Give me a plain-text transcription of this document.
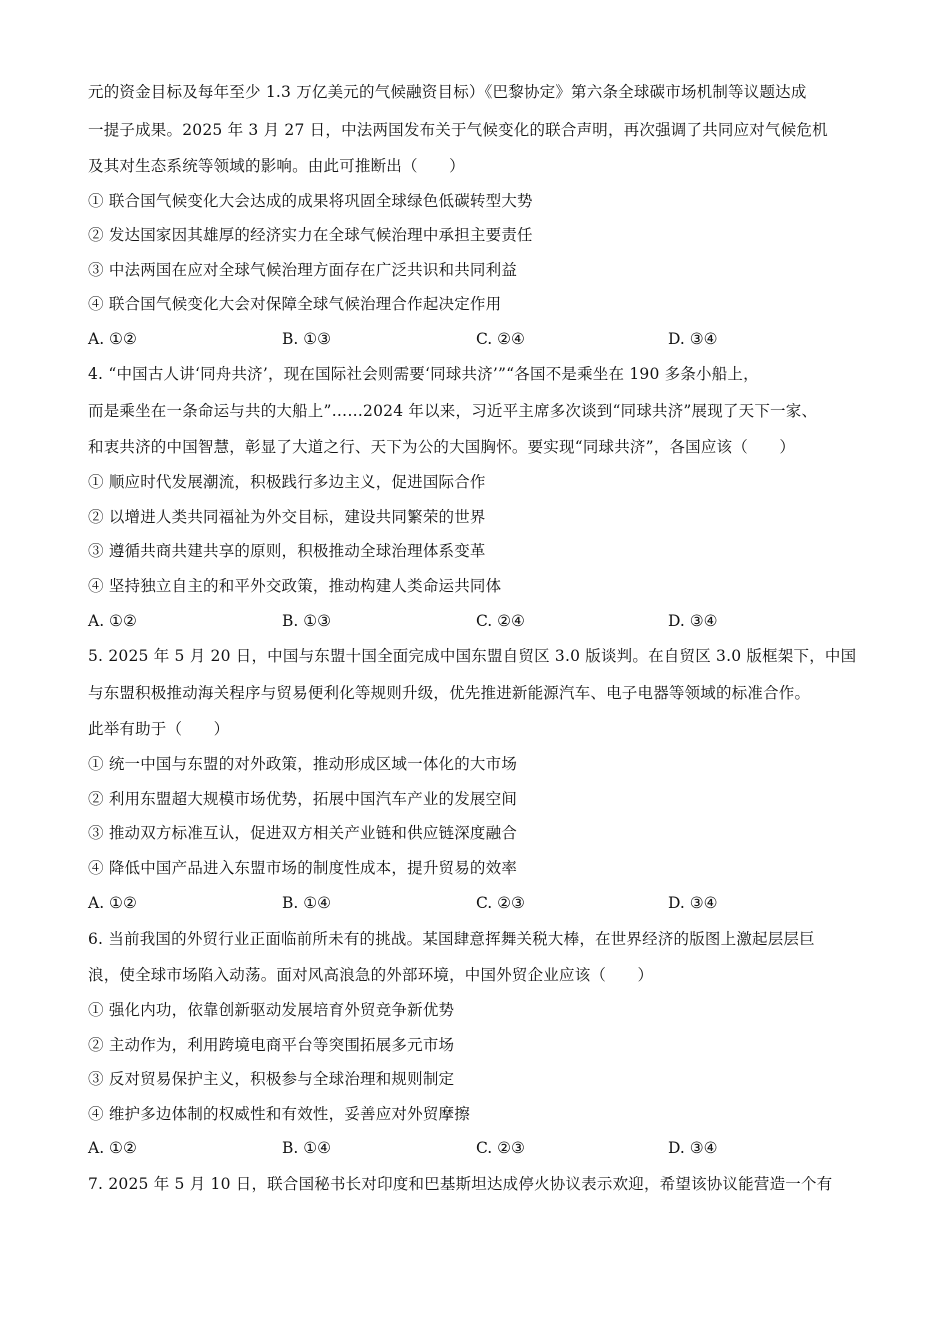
元的资金目标及每年至少 1.3 万亿美元的气候融资目标）《巴黎协定》第六条全球碳市场机制等议题达成
一提子成果。2025 年 3 月 27 日，中法两国发布关于气候变化的联合声明，再次强调了共同应对气候危机
及其对生态系统等领域的影响。由此可推断出（　　）
① 联合国气候变化大会达成的成果将巩固全球绿色低碳转型大势
② 发达国家因其雄厚的经济实力在全球气候治理中承担主要责任
③ 中法两国在应对全球气候治理方面存在广泛共识和共同利益
④ 联合国气候变化大会对保障全球气候治理合作起决定作用
A. ①②	B. ①③	C. ②④	D. ③④
4. “中国古人讲‘同舟共济’，现在国际社会则需要‘同球共济’”“各国不是乘坐在 190 多条小船上，
而是乘坐在一条命运与共的大船上”……2024 年以来，习近平主席多次谈到“同球共济”展现了天下一家、
和衷共济的中国智慧，彰显了大道之行、天下为公的大国胸怀。要实现“同球共济”，各国应该（　　）
① 顺应时代发展潮流，积极践行多边主义，促进国际合作
② 以增进人类共同福祉为外交目标，建设共同繁荣的世界
③ 遵循共商共建共享的原则，积极推动全球治理体系变革
④ 坚持独立自主的和平外交政策，推动构建人类命运共同体
A. ①②	B. ①③	C. ②④	D. ③④
5. 2025 年 5 月 20 日，中国与东盟十国全面完成中国东盟自贸区 3.0 版谈判。在自贸区 3.0 版框架下，中国
与东盟积极推动海关程序与贸易便利化等规则升级，优先推进新能源汽车、电子电器等领域的标准合作。
此举有助于（　　）
① 统一中国与东盟的对外政策，推动形成区域一体化的大市场
② 利用东盟超大规模市场优势，拓展中国汽车产业的发展空间
③ 推动双方标准互认，促进双方相关产业链和供应链深度融合
④ 降低中国产品进入东盟市场的制度性成本，提升贸易的效率
A. ①②	B. ①④	C. ②③	D. ③④
6. 当前我国的外贸行业正面临前所未有的挑战。某国肆意挥舞关税大棒，在世界经济的版图上激起层层巨
浪，使全球市场陷入动荡。面对风高浪急的外部环境，中国外贸企业应该（　　）
① 强化内功，依靠创新驱动发展培育外贸竞争新优势
② 主动作为，利用跨境电商平台等突围拓展多元市场
③ 反对贸易保护主义，积极参与全球治理和规则制定
④ 维护多边体制的权威性和有效性，妥善应对外贸摩擦
A. ①②	B. ①④	C. ②③	D. ③④
7. 2025 年 5 月 10 日，联合国秘书长对印度和巴基斯坦达成停火协议表示欢迎，希望该协议能营造一个有
